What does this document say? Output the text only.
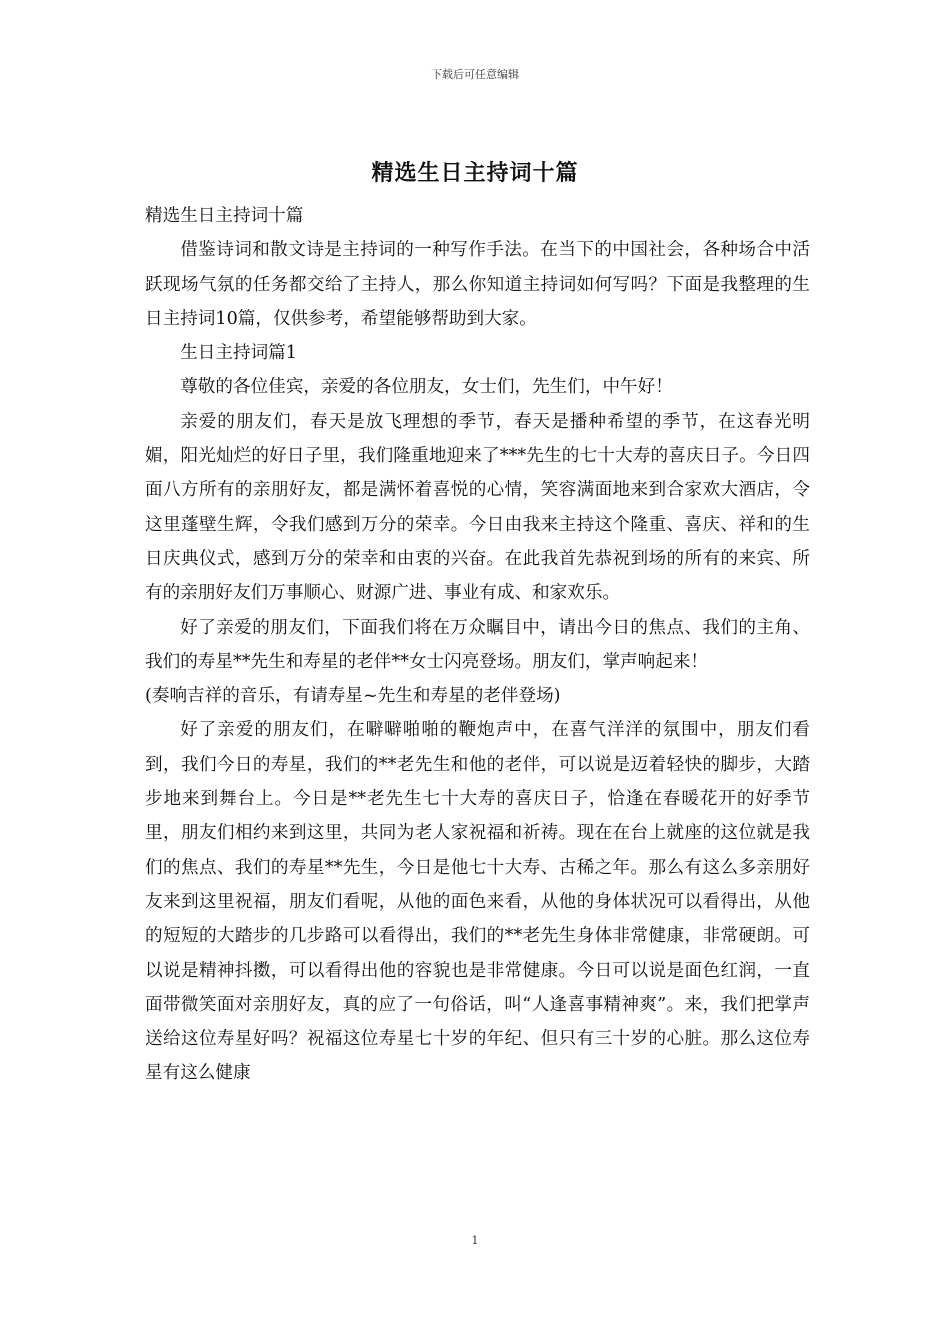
下载后可任意编辑
精选生日主持词十篇

精选生日主持词十篇

借鉴诗词和散文诗是主持词的一种写作手法。在当下的中国社会，各种场合中活跃现场气氛的任务都交给了主持人，那么你知道主持词如何写吗？下面是我整理的生日主持词10篇，仅供参考，希望能够帮助到大家。

生日主持词篇1

尊敬的各位佳宾，亲爱的各位朋友，女士们，先生们，中午好！

亲爱的朋友们，春天是放飞理想的季节，春天是播种希望的季节，在这春光明媚，阳光灿烂的好日子里，我们隆重地迎来了***先生的七十大寿的喜庆日子。今日四面八方所有的亲朋好友，都是满怀着喜悦的心情，笑容满面地来到合家欢大酒店，令这里蓬壁生辉，令我们感到万分的荣幸。今日由我来主持这个隆重、喜庆、祥和的生日庆典仪式，感到万分的荣幸和由衷的兴奋。在此我首先恭祝到场的所有的来宾、所有的亲朋好友们万事顺心、财源广进、事业有成、和家欢乐。

好了亲爱的朋友们，下面我们将在万众瞩目中，请出今日的焦点、我们的主角、我们的寿星**先生和寿星的老伴**女士闪亮登场。朋友们，掌声响起来！

(奏响吉祥的音乐，有请寿星~先生和寿星的老伴登场)

好了亲爱的朋友们，在噼噼啪啪的鞭炮声中，在喜气洋洋的氛围中，朋友们看到，我们今日的寿星，我们的**老先生和他的老伴，可以说是迈着轻快的脚步，大踏步地来到舞台上。今日是**老先生七十大寿的喜庆日子，恰逢在春暖花开的好季节里，朋友们相约来到这里，共同为老人家祝福和祈祷。现在在台上就座的这位就是我们的焦点、我们的寿星**先生，今日是他七十大寿、古稀之年。那么有这么多亲朋好友来到这里祝福，朋友们看呢，从他的面色来看，从他的身体状况可以看得出，从他的短短的大踏步的几步路可以看得出，我们的**老先生身体非常健康，非常硬朗。可以说是精神抖擞，可以看得出他的容貌也是非常健康。今日可以说是面色红润，一直面带微笑面对亲朋好友，真的应了一句俗话，叫“人逢喜事精神爽”。来，我们把掌声送给这位寿星好吗？祝福这位寿星七十岁的年纪、但只有三十岁的心脏。那么这位寿星有这么健康

1
